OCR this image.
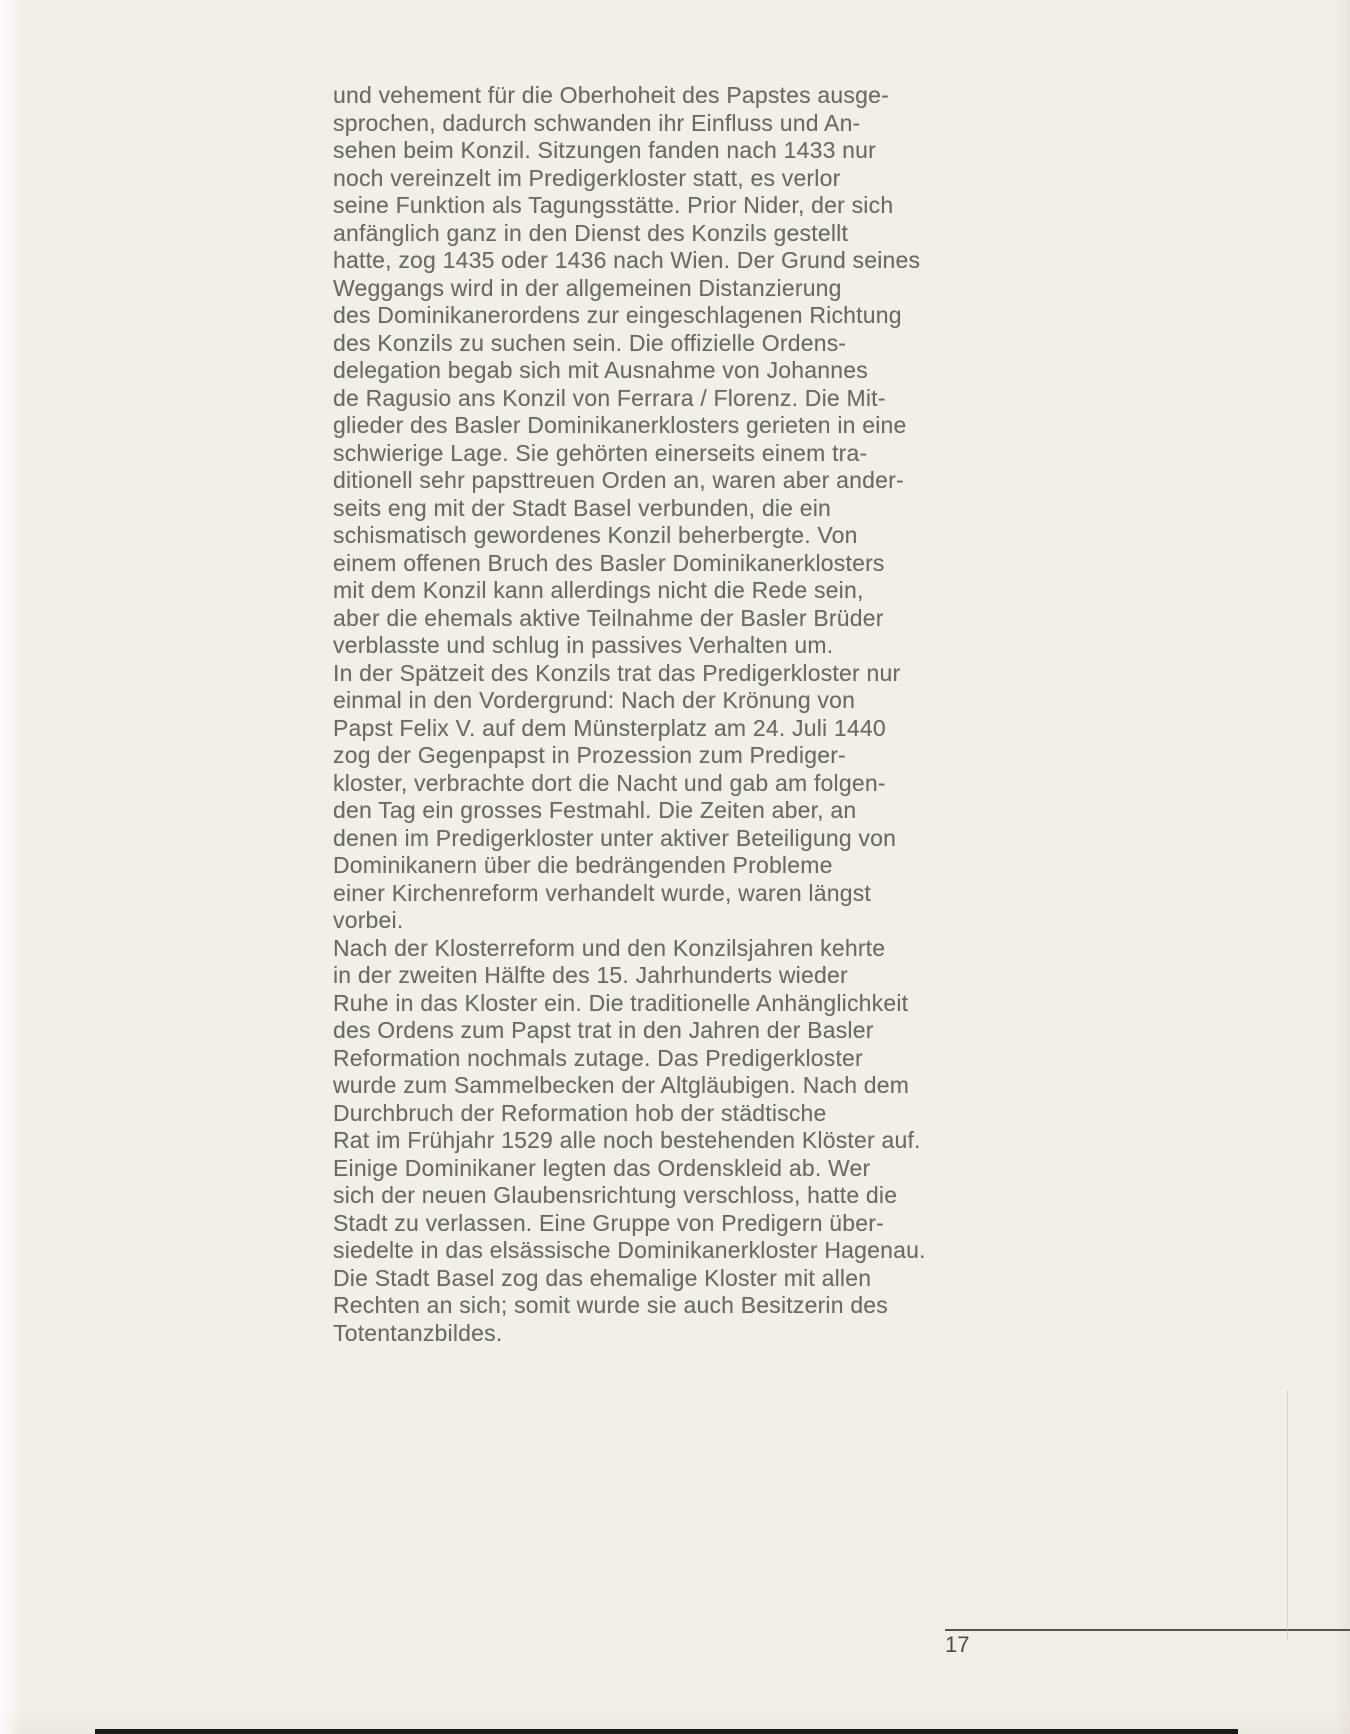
und vehement für die Oberhoheit des Papstes ausge-
sprochen, dadurch schwanden ihr Einfluss und An-
sehen beim Konzil. Sitzungen fanden nach 1433 nur
noch vereinzelt im Predigerkloster statt, es verlor
seine Funktion als Tagungsstätte. Prior Nider, der sich
anfänglich ganz in den Dienst des Konzils gestellt
hatte, zog 1435 oder 1436 nach Wien. Der Grund seines
Weggangs wird in der allgemeinen Distanzierung
des Dominikanerordens zur eingeschlagenen Richtung
des Konzils zu suchen sein. Die offizielle Ordens-
delegation begab sich mit Ausnahme von Johannes
de Ragusio ans Konzil von Ferrara / Florenz. Die Mit-
glieder des Basler Dominikanerklosters gerieten in eine
schwierige Lage. Sie gehörten einerseits einem tra-
ditionell sehr papsttreuen Orden an, waren aber ander-
seits eng mit der Stadt Basel verbunden, die ein
schismatisch gewordenes Konzil beherbergte. Von
einem offenen Bruch des Basler Dominikanerklosters
mit dem Konzil kann allerdings nicht die Rede sein,
aber die ehemals aktive Teilnahme der Basler Brüder
verblasste und schlug in passives Verhalten um.
In der Spätzeit des Konzils trat das Predigerkloster nur
einmal in den Vordergrund: Nach der Krönung von
Papst Felix V. auf dem Münsterplatz am 24. Juli 1440
zog der Gegenpapst in Prozession zum Prediger-
kloster, verbrachte dort die Nacht und gab am folgen-
den Tag ein grosses Festmahl. Die Zeiten aber, an
denen im Predigerkloster unter aktiver Beteiligung von
Dominikanern über die bedrängenden Probleme
einer Kirchenreform verhandelt wurde, waren längst
vorbei.
Nach der Klosterreform und den Konzilsjahren kehrte
in der zweiten Hälfte des 15. Jahrhunderts wieder
Ruhe in das Kloster ein. Die traditionelle Anhänglichkeit
des Ordens zum Papst trat in den Jahren der Basler
Reformation nochmals zutage. Das Predigerkloster
wurde zum Sammelbecken der Altgläubigen. Nach dem
Durchbruch der Reformation hob der städtische
Rat im Frühjahr 1529 alle noch bestehenden Klöster auf.
Einige Dominikaner legten das Ordenskleid ab. Wer
sich der neuen Glaubensrichtung verschloss, hatte die
Stadt zu verlassen. Eine Gruppe von Predigern über-
siedelte in das elsässische Dominikanerkloster Hagenau.
Die Stadt Basel zog das ehemalige Kloster mit allen
Rechten an sich; somit wurde sie auch Besitzerin des
Totentanzbildes.
17
